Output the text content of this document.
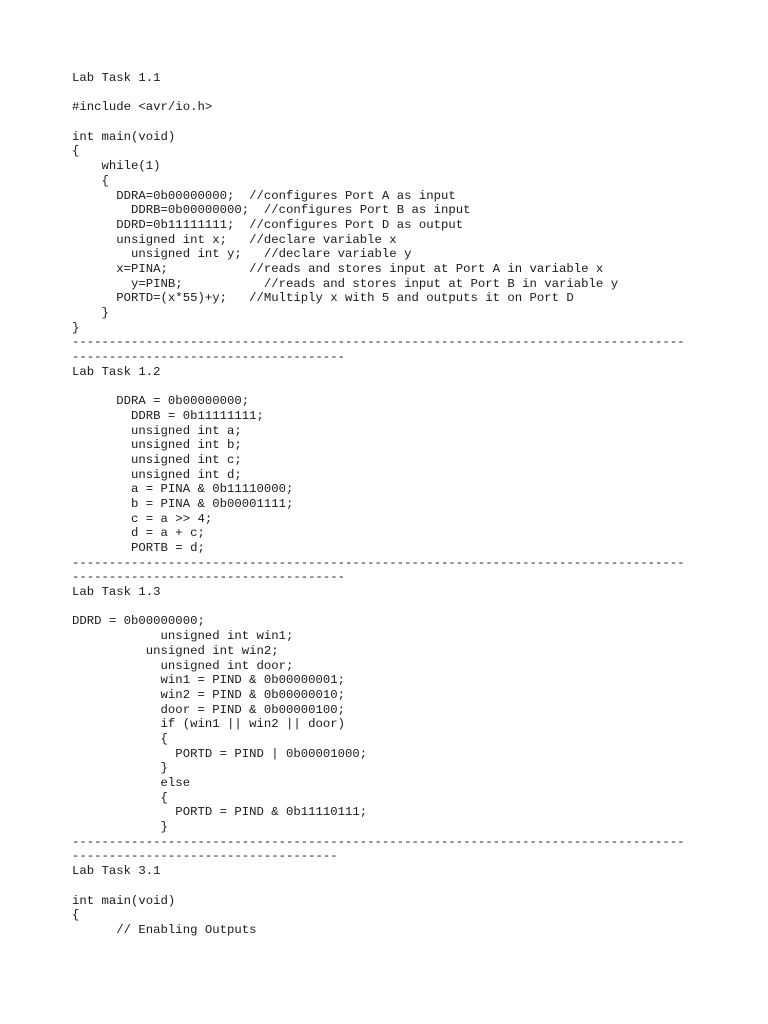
Lab Task 1.1
#include <avr/io.h>
int main(void)
{
while(1)
{
DDRA=0b00000000;  //configures Port A as input
DDRB=0b00000000;  //configures Port B as input
DDRD=0b11111111;  //configures Port D as output
unsigned int x;   //declare variable x
unsigned int y;   //declare variable y
x=PINA;           //reads and stores input at Port A in variable x
y=PINB;           //reads and stores input at Port B in variable y
PORTD=(x*55)+y;   //Multiply x with 5 and outputs it on Port D
}
}
-----------------------------------------------------------------------------------
-------------------------------------
Lab Task 1.2
DDRA = 0b00000000;
DDRB = 0b11111111;
unsigned int a;
unsigned int b;
unsigned int c;
unsigned int d;
a = PINA & 0b11110000;
b = PINA & 0b00001111;
c = a >> 4;
d = a + c;
PORTB = d;
-----------------------------------------------------------------------------------
-------------------------------------
Lab Task 1.3
DDRD = 0b00000000;
unsigned int win1;
unsigned int win2;
unsigned int door;
win1 = PIND & 0b00000001;
win2 = PIND & 0b00000010;
door = PIND & 0b00000100;
if (win1 || win2 || door)
{
PORTD = PIND | 0b00001000;
}
else
{
PORTD = PIND & 0b11110111;
}
-----------------------------------------------------------------------------------
------------------------------------
Lab Task 3.1
int main(void)
{
// Enabling Outputs
